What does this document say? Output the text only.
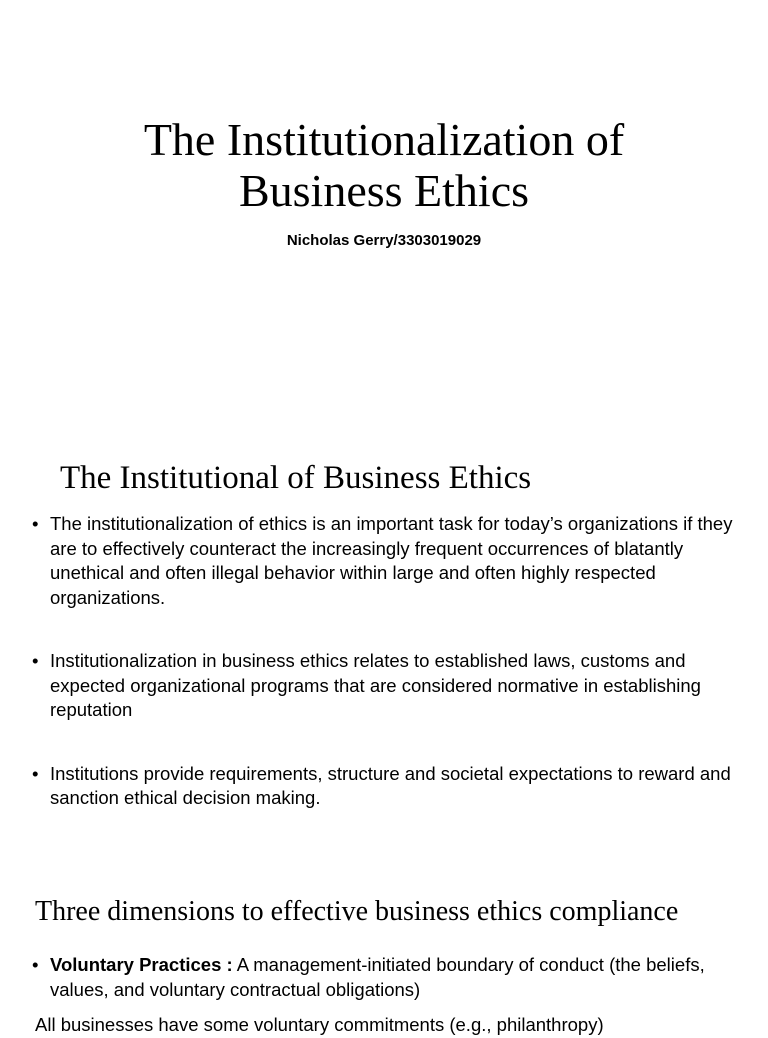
The Institutionalization of
Business Ethics

Nicholas Gerry/3303019029

The Institutional of Business Ethics
• The institutionalization of ethics is an important task for today’s organizations if they are to effectively counteract the increasingly frequent occurrences of blatantly unethical and often illegal behavior within large and often highly respected organizations.
• Institutionalization in business ethics relates to established laws, customs and expected organizational programs that are considered normative in establishing reputation
• Institutions provide requirements, structure and societal expectations to reward and sanction ethical decision making.
Three dimensions to effective business ethics compliance
• Voluntary Practices : A management-initiated boundary of conduct (the beliefs, values, and voluntary contractual obligations)
All businesses have some voluntary commitments (e.g., philanthropy)
